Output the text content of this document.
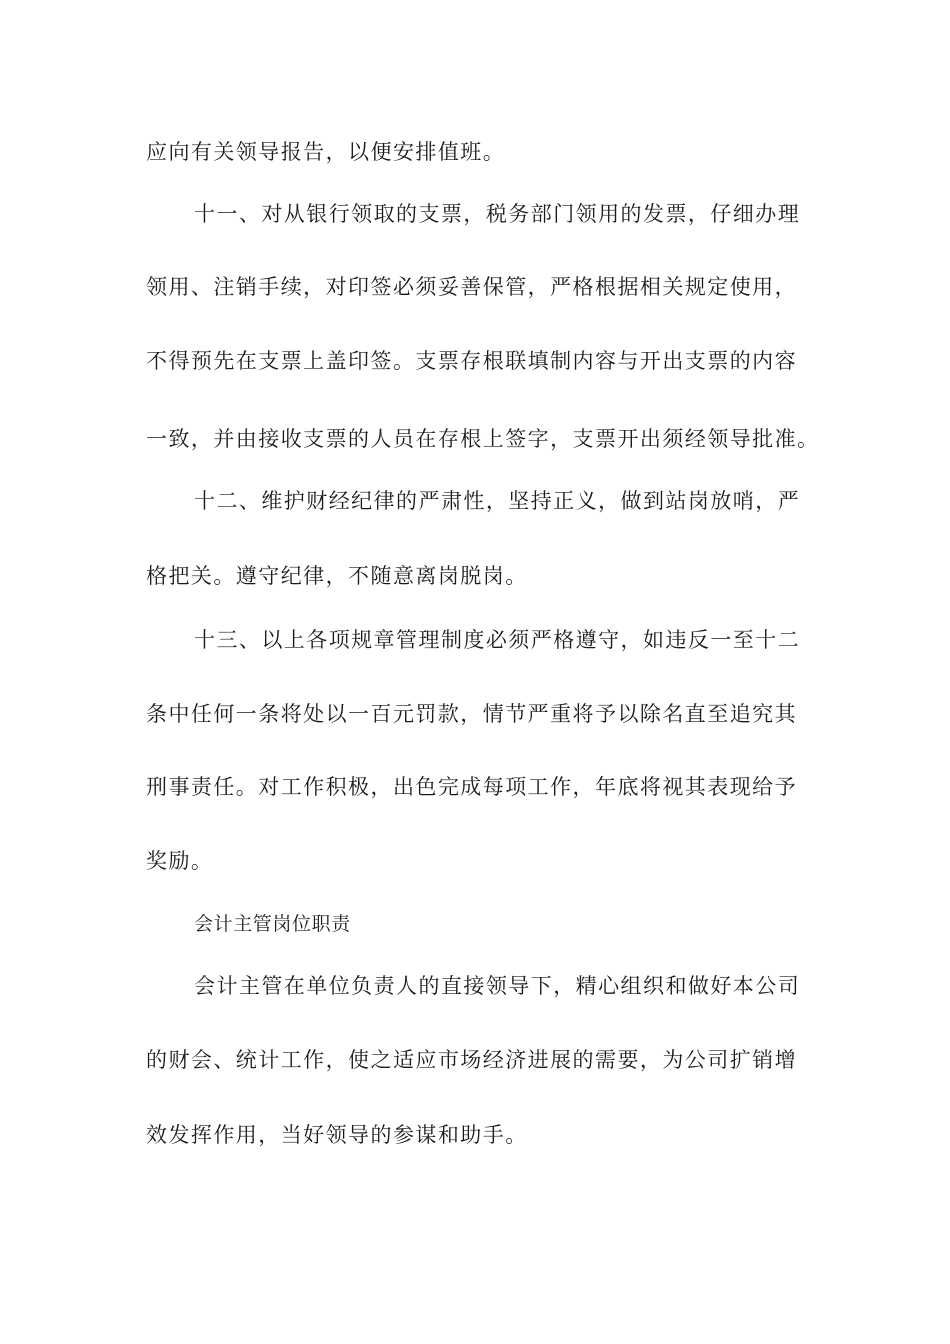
应向有关领导报告，以便安排值班。
十一、对从银行领取的支票，税务部门领用的发票，仔细办理
领用、注销手续，对印签必须妥善保管，严格根据相关规定使用，
不得预先在支票上盖印签。支票存根联填制内容与开出支票的内容
一致，并由接收支票的人员在存根上签字，支票开出须经领导批准。
十二、维护财经纪律的严肃性，坚持正义，做到站岗放哨，严
格把关。遵守纪律，不随意离岗脱岗。
十三、以上各项规章管理制度必须严格遵守，如违反一至十二
条中任何一条将处以一百元罚款，情节严重将予以除名直至追究其
刑事责任。对工作积极，出色完成每项工作，年底将视其表现给予
奖励。
会计主管岗位职责
会计主管在单位负责人的直接领导下，精心组织和做好本公司
的财会、统计工作，使之适应市场经济进展的需要，为公司扩销增
效发挥作用，当好领导的参谋和助手。
